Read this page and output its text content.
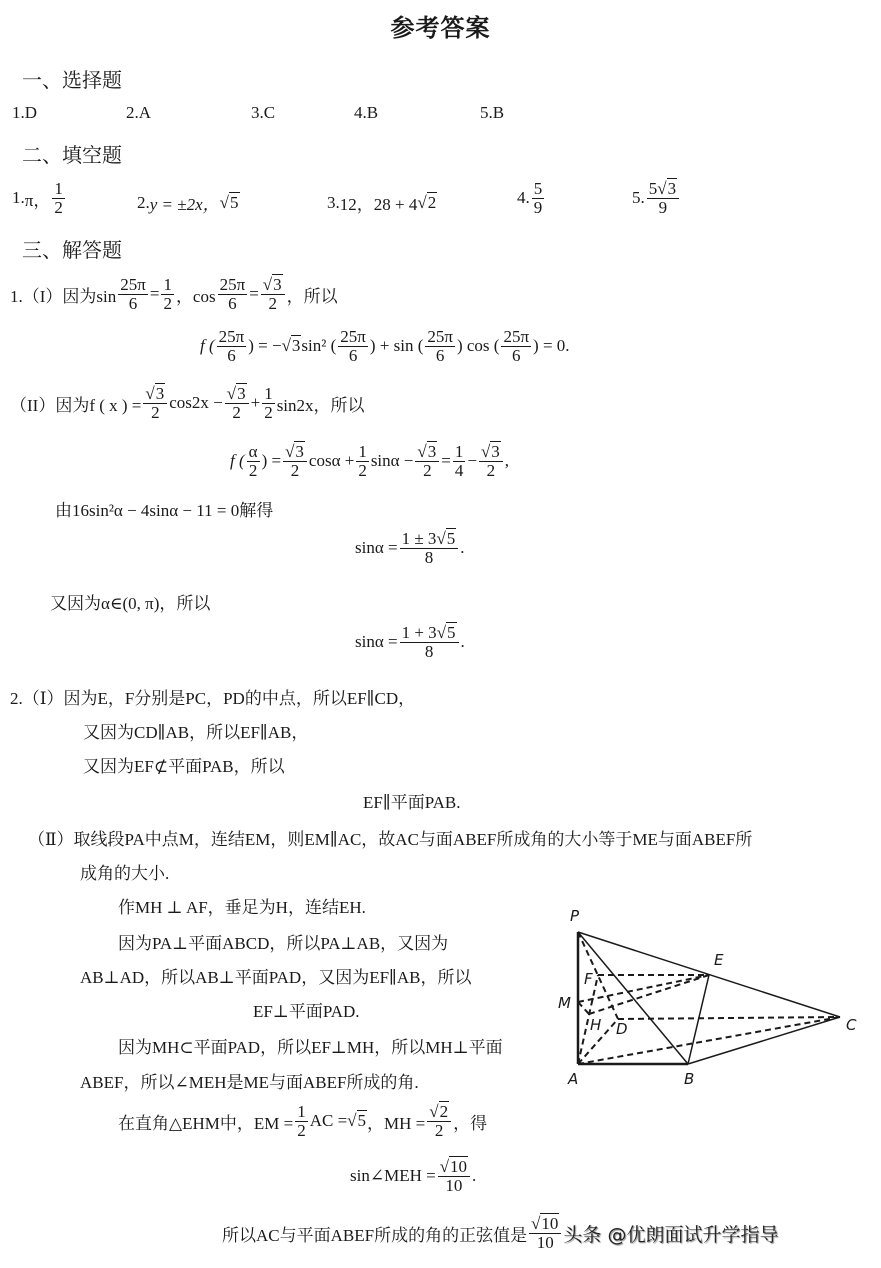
参考答案
一、选择题
1.D	2.A	3.C	4.B	5.B
二、填空题
1. π， $\frac{1}{2}$	2. y = ±2x， √5	3. 12，28 + 4 √2	4. $\frac{5}{9}$	5. $\frac{5√3}{9}$
三、解答题
1.（I）因为$\sin \frac{25\pi}{6} = \frac{1}{2}$ ，$\cos \frac{25\pi}{6} = \frac{√3}{2}$ ，所以
f ( $\frac{25\pi}{6}$ ) = − √3 sin² ( $\frac{25\pi}{6}$ ) + sin ( $\frac{25\pi}{6}$ ) cos ( $\frac{25\pi}{6}$ ) = 0.
（II）因为f ( x ) = $\frac{√3}{2} \cos 2x - \frac{√3}{2} + \frac{1}{2} \sin 2x$，所以
f ( $\frac{\alpha}{2}$ ) = $\frac{√3}{2}$ $\cos\alpha + \frac{1}{2}$ $\sin\alpha - \frac{√3}{2} = \frac{1}{4} - \frac{√3}{2}$ ,
由16sin²α − 4sinα − 11 = 0解得
$\sin\alpha = \frac{1 \pm 3√5}{8}$ .
又因为α∈(0, π)，所以
$\sin\alpha = \frac{1 + 3√5}{8}$ .
2.（Ⅰ）因为E，F分别是PC，PD的中点，所以EF∥CD，
又因为CD∥AB，所以EF∥AB，
又因为EF⊄平面PAB，所以
EF∥平面PAB.
（Ⅱ）取线段PA中点M，连结EM，则EM∥AC，故AC与面ABEF所成角的大小等于ME与面ABEF所
成角的大小.
作MH ⊥ AF，垂足为H，连结EH.
因为PA⊥平面ABCD，所以PA⊥AB，又因为
AB⊥AD，所以AB⊥平面PAD，又因为EF∥AB，所以
EF⊥平面PAD.
因为MH⊂平面PAD，所以EF⊥MH，所以MH⊥平面
ABEF，所以∠MEH是ME与面ABEF所成的角.
在直角△EHM中，EM = $\frac{1}{2}$ AC = √5 ，MH = $\frac{√2}{2}$ ，得
sin∠MEH = $\frac{√10}{10}$ .
所以AC与平面ABEF所成的角的正弦值是 $\frac{√10}{10}$ 头条 @优朗面试升学指导
P
E
F
M
H D	C
A	B
